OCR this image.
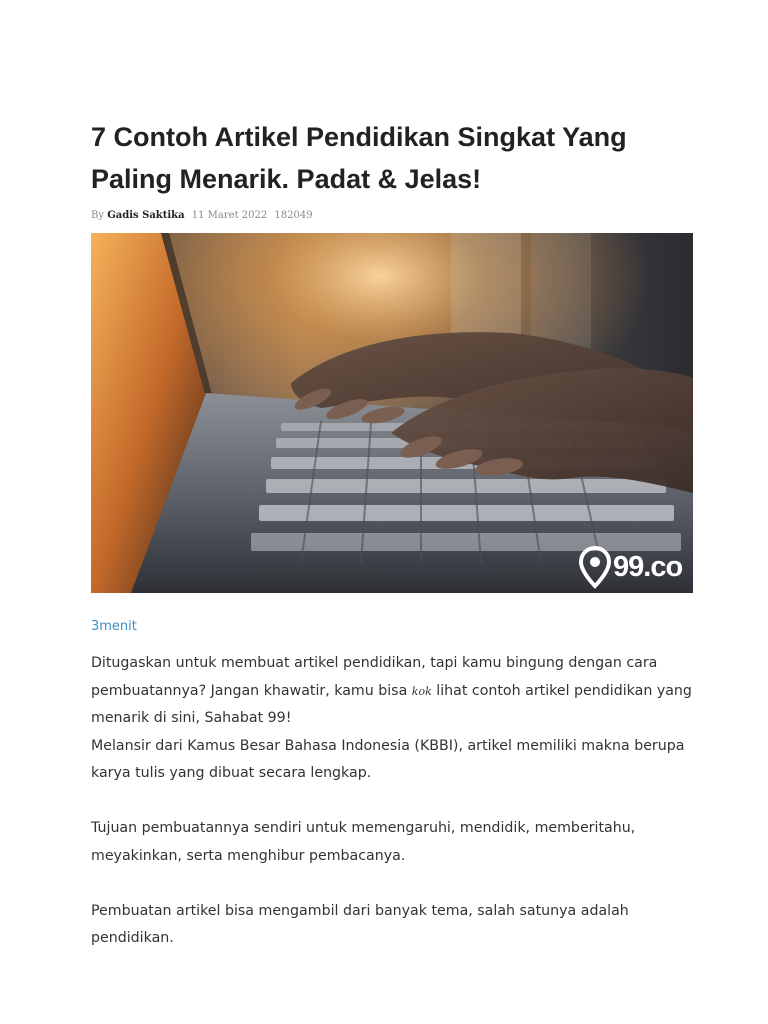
7 Contoh Artikel Pendidikan Singkat Yang Paling Menarik. Padat & Jelas!
By Gadis Saktika 11 Maret 2022 182049
99.co
3menit

Ditugaskan untuk membuat artikel pendidikan, tapi kamu bingung dengan cara pembuatannya? Jangan khawatir, kamu bisa kok lihat contoh artikel pendidikan yang menarik di sini, Sahabat 99!

Melansir dari Kamus Besar Bahasa Indonesia (KBBI), artikel memiliki makna berupa karya tulis yang dibuat secara lengkap.

Tujuan pembuatannya sendiri untuk memengaruhi, mendidik, memberitahu, meyakinkan, serta menghibur pembacanya.

Pembuatan artikel bisa mengambil dari banyak tema, salah satunya adalah pendidikan.
